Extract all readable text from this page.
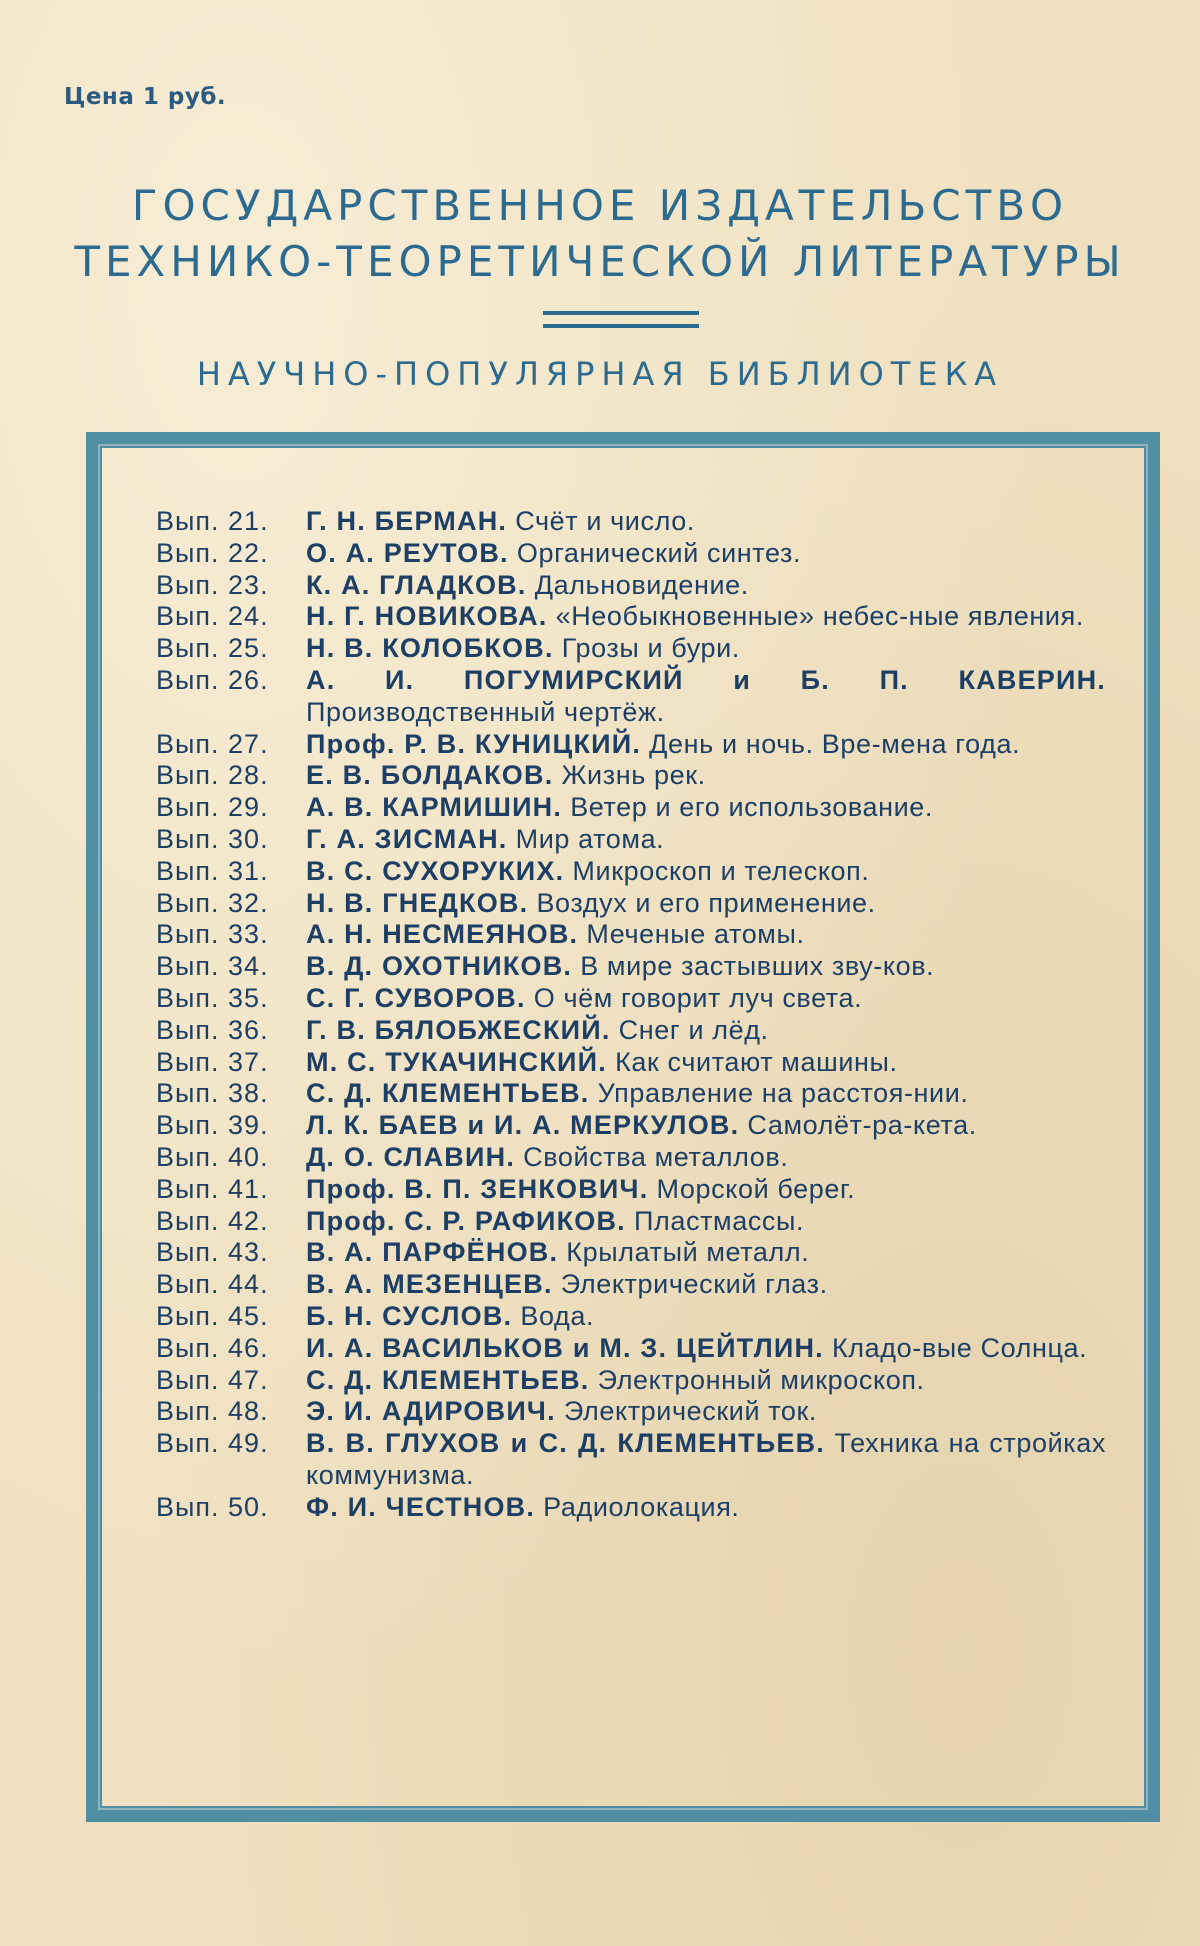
Цена 1 руб.
ГОСУДАРСТВЕННОЕ ИЗДАТЕЛЬСТВО
ТЕХНИКО-ТЕОРЕТИЧЕСКОЙ ЛИТЕРАТУРЫ
НАУЧНО-ПОПУЛЯРНАЯ БИБЛИОТЕКА
Вып. 21.	Г. Н. БЕРМАН. Счёт и число.
Вып. 22.	О. А. РЕУТОВ. Органический синтез.
Вып. 23.	К. А. ГЛАДКОВ. Дальновидение.
Вып. 24.	Н. Г. НОВИКОВА. «Необыкновенные» небес-ные явления.
Вып. 25.	Н. В. КОЛОБКОВ. Грозы и бури.
Вып. 26.	А. И. ПОГУМИРСКИЙ и Б. П. КАВЕРИН. Производственный чертёж.
Вып. 27.	Проф. Р. В. КУНИЦКИЙ. День и ночь. Вре-мена года.
Вып. 28.	Е. В. БОЛДАКОВ. Жизнь рек.
Вып. 29.	А. В. КАРМИШИН. Ветер и его использование.
Вып. 30.	Г. А. ЗИСМАН. Мир атома.
Вып. 31.	В. С. СУХОРУКИХ. Микроскоп и телескоп.
Вып. 32.	Н. В. ГНЕДКОВ. Воздух и его применение.
Вып. 33.	А. Н. НЕСМЕЯНОВ. Меченые атомы.
Вып. 34.	В. Д. ОХОТНИКОВ. В мире застывших зву-ков.
Вып. 35.	С. Г. СУВОРОВ. О чём говорит луч света.
Вып. 36.	Г. В. БЯЛОБЖЕСКИЙ. Снег и лёд.
Вып. 37.	М. С. ТУКАЧИНСКИЙ. Как считают машины.
Вып. 38.	С. Д. КЛЕМЕНТЬЕВ. Управление на расстоя-нии.
Вып. 39.	Л. К. БАЕВ и И. А. МЕРКУЛОВ. Самолёт-ра-кета.
Вып. 40.	Д. О. СЛАВИН. Свойства металлов.
Вып. 41.	Проф. В. П. ЗЕНКОВИЧ. Морской берег.
Вып. 42.	Проф. С. Р. РАФИКОВ. Пластмассы.
Вып. 43.	В. А. ПАРФЁНОВ. Крылатый металл.
Вып. 44.	В. А. МЕЗЕНЦЕВ. Электрический глаз.
Вып. 45.	Б. Н. СУСЛОВ. Вода.
Вып. 46.	И. А. ВАСИЛЬКОВ и М. З. ЦЕЙТЛИН. Кладо-вые Солнца.
Вып. 47.	С. Д. КЛЕМЕНТЬЕВ. Электронный микроскоп.
Вып. 48.	Э. И. АДИРОВИЧ. Электрический ток.
Вып. 49.	В. В. ГЛУХОВ и С. Д. КЛЕМЕНТЬЕВ. Техника на стройках коммунизма.
Вып. 50.	Ф. И. ЧЕСТНОВ. Радиолокация.
